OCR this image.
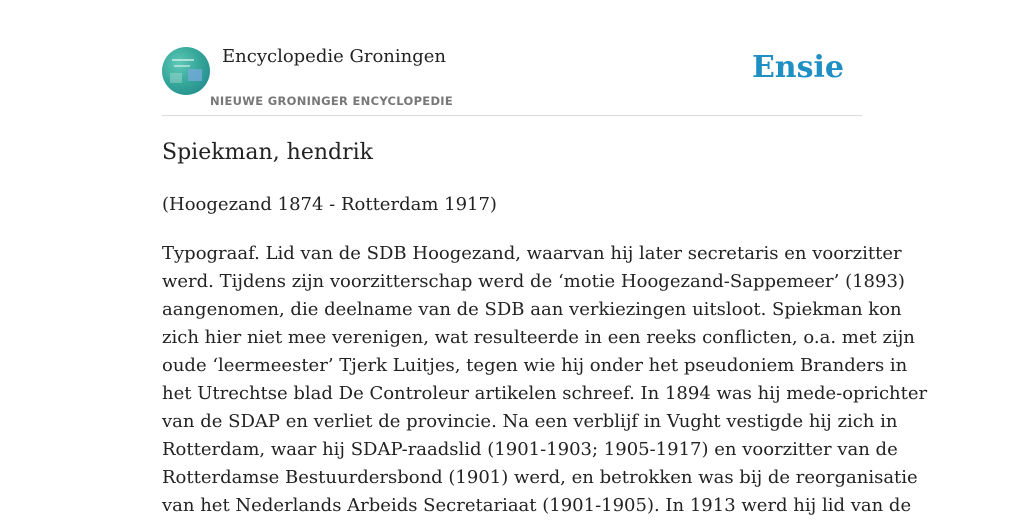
Encyclopedie Groningen
NIEUWE GRONINGER ENCYCLOPEDIE
Ensie
Spiekman, hendrik
(Hoogezand 1874 - Rotterdam 1917)
Typograaf. Lid van de SDB Hoogezand, waarvan hij later secretaris en voorzitter
werd. Tijdens zijn voorzitterschap werd de ‘motie Hoogezand-Sappemeer’ (1893)
aangenomen, die deelname van de SDB aan verkiezingen uitsloot. Spiekman kon
zich hier niet mee verenigen, wat resulteerde in een reeks conflicten, o.a. met zijn
oude ‘leermeester’ Tjerk Luitjes, tegen wie hij onder het pseudoniem Branders in
het Utrechtse blad De Controleur artikelen schreef. In 1894 was hij mede-oprichter
van de SDAP en verliet de provincie. Na een verblijf in Vught vestigde hij zich in
Rotterdam, waar hij SDAP-raadslid (1901-1903; 1905-1917) en voorzitter van de
Rotterdamse Bestuurdersbond (1901) werd, en betrokken was bij de reorganisatie
van het Nederlands Arbeids Secretariaat (1901-1905). In 1913 werd hij lid van de
